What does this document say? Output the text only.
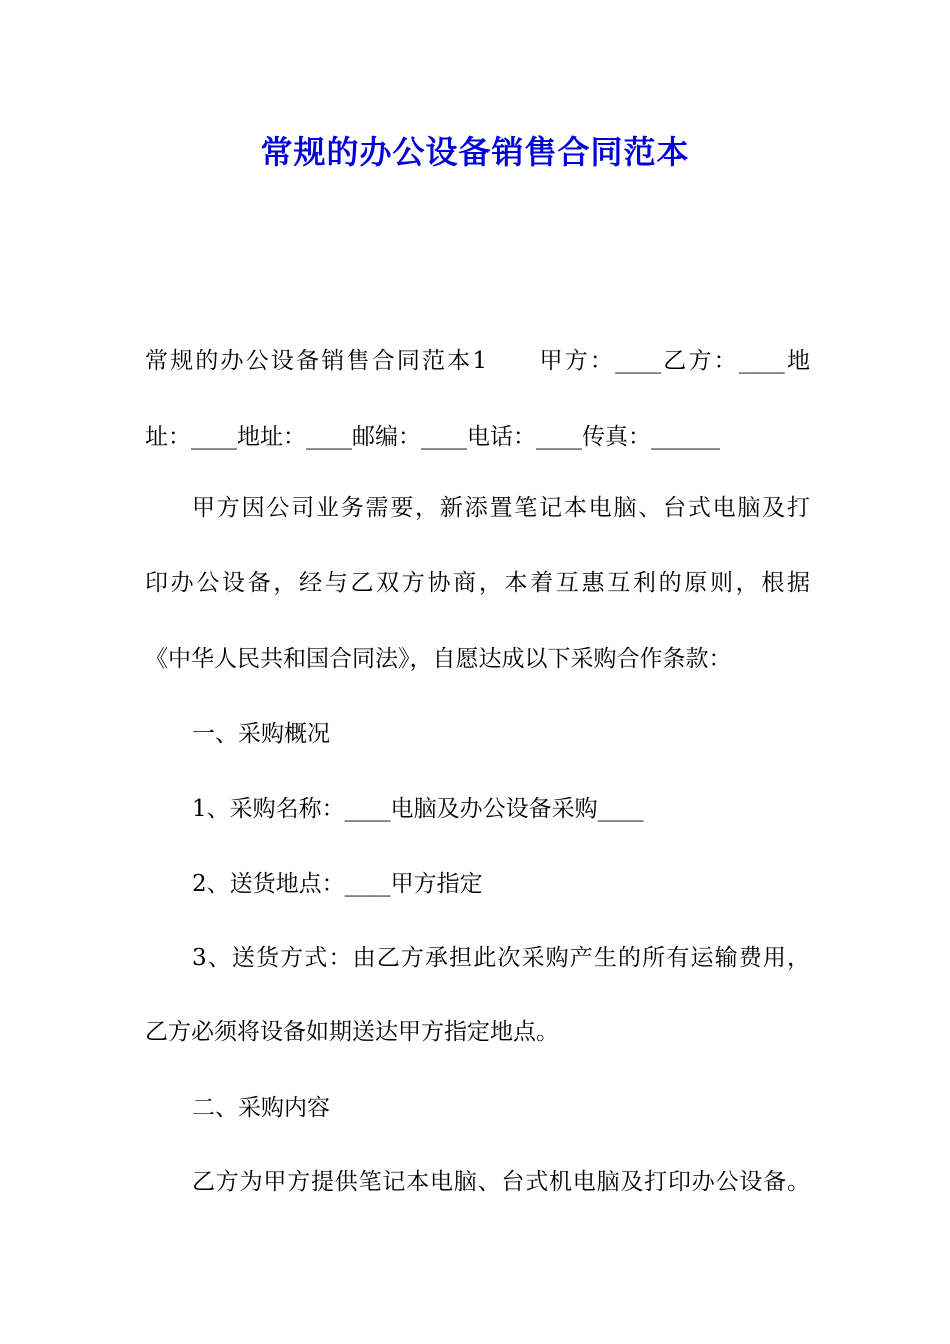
常规的办公设备销售合同范本
常规的办公设备销售合同范本1　　甲方：____乙方：____地
址：____地址：____邮编：____电话：____传真：______
甲方因公司业务需要，新添置笔记本电脑、台式电脑及打
印办公设备，经与乙双方协商，本着互惠互利的原则，根据
《中华人民共和国合同法》，自愿达成以下采购合作条款：
一、采购概况
1、采购名称：____电脑及办公设备采购____
2、送货地点：____甲方指定
3、送货方式：由乙方承担此次采购产生的所有运输费用，
乙方必须将设备如期送达甲方指定地点。
二、采购内容
乙方为甲方提供笔记本电脑、台式机电脑及打印办公设备。
